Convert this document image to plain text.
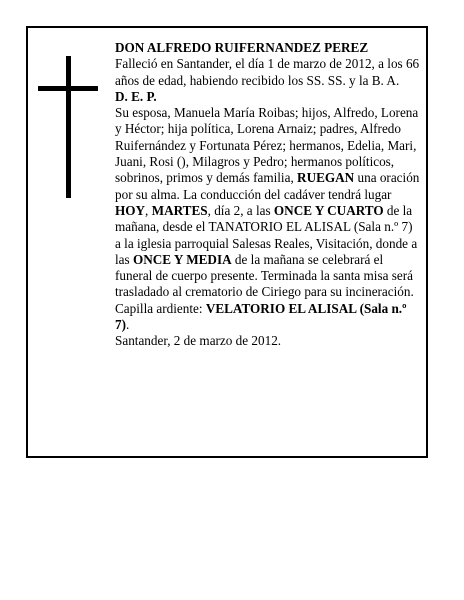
DON ALFREDO RUIFERNANDEZ PEREZ

Falleció en Santander, el día 1 de marzo de 2012, a los 66 años de edad, habiendo recibido los SS. SS. y la B. A.

D. E. P.

Su esposa, Manuela María Roibas; hijos, Alfredo, Lorena y Héctor; hija política, Lorena Arnaiz; padres, Alfredo Ruifernández y Fortunata Pérez; hermanos, Edelia, Mari, Juani, Rosi (), Milagros y Pedro; hermanos políticos, sobrinos, primos y demás familia, RUEGAN una oración por su alma. La conducción del cadáver tendrá lugar HOY, MARTES, día 2, a las ONCE Y CUARTO de la mañana, desde el TANATORIO EL ALISAL (Sala n.º 7) a la iglesia parroquial Salesas Reales, Visitación, donde a las ONCE Y MEDIA de la mañana se celebrará el funeral de cuerpo presente. Terminada la santa misa será trasladado al crematorio de Ciriego para su incineración.

Capilla ardiente: VELATORIO EL ALISAL (Sala n.º 7).

Santander, 2 de marzo de 2012.
